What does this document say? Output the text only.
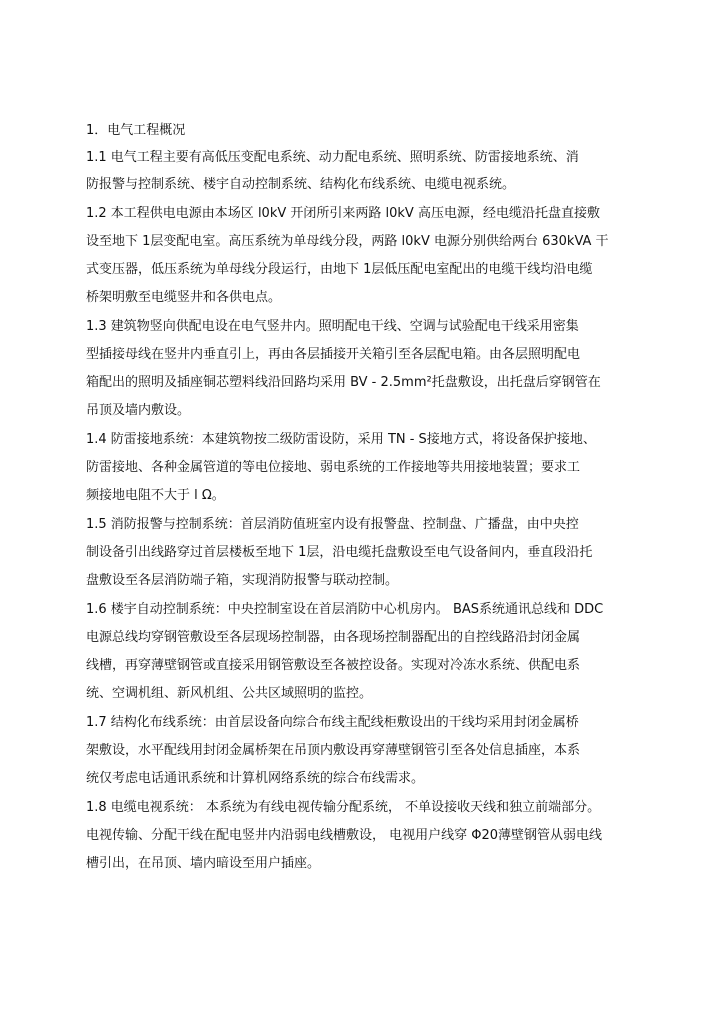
1．电气工程概况
1.1 电气工程主要有高低压变配电系统、动力配电系统、照明系统、防雷接地系统、消
防报警与控制系统、楼宇自动控制系统、结构化布线系统、电缆电视系统。
1.2 本工程供电电源由本场区 l0kV 开闭所引来两路 l0kV 高压电源，经电缆沿托盘直接敷
设至地下 1层变配电室。高压系统为单母线分段，两路 l0kV 电源分别供给两台 630kVA 干
式变压器，低压系统为单母线分段运行，由地下 1层低压配电室配出的电缆干线均沿电缆
桥架明敷至电缆竖井和各供电点。
1.3 建筑物竖向供配电设在电气竖井内。照明配电干线、空调与试验配电干线采用密集
型插接母线在竖井内垂直引上，再由各层插接开关箱引至各层配电箱。由各层照明配电
箱配出的照明及插座铜芯塑料线沿回路均采用 BV - 2.5mm²托盘敷设，出托盘后穿钢管在
吊顶及墙内敷设。
1.4 防雷接地系统：本建筑物按二级防雷设防，采用 TN - S接地方式，将设备保护接地、
防雷接地、各种金属管道的等电位接地、弱电系统的工作接地等共用接地装置；要求工
频接地电阻不大于 l Ω。
1.5 消防报警与控制系统：首层消防值班室内设有报警盘、控制盘、广播盘，由中央控
制设备引出线路穿过首层楼板至地下 1层，沿电缆托盘敷设至电气设备间内，垂直段沿托
盘敷设至各层消防端子箱，实现消防报警与联动控制。
1.6 楼宇自动控制系统：中央控制室设在首层消防中心机房内。 BAS系统通讯总线和 DDC
电源总线均穿钢管敷设至各层现场控制器，由各现场控制器配出的自控线路沿封闭金属
线槽，再穿薄壁钢管或直接采用钢管敷设至各被控设备。实现对冷冻水系统、供配电系
统、空调机组、新风机组、公共区域照明的监控。
1.7 结构化布线系统：由首层设备向综合布线主配线柜敷设出的干线均采用封闭金属桥
架敷设，水平配线用封闭金属桥架在吊顶内敷设再穿薄壁钢管引至各处信息插座，本系
统仅考虑电话通讯系统和计算机网络系统的综合布线需求。
1.8 电缆电视系统： 本系统为有线电视传输分配系统， 不单设接收天线和独立前端部分。
电视传输、分配干线在配电竖井内沿弱电线槽敷设， 电视用户线穿 Φ20薄壁钢管从弱电线
槽引出，在吊顶、墙内暗设至用户插座。
